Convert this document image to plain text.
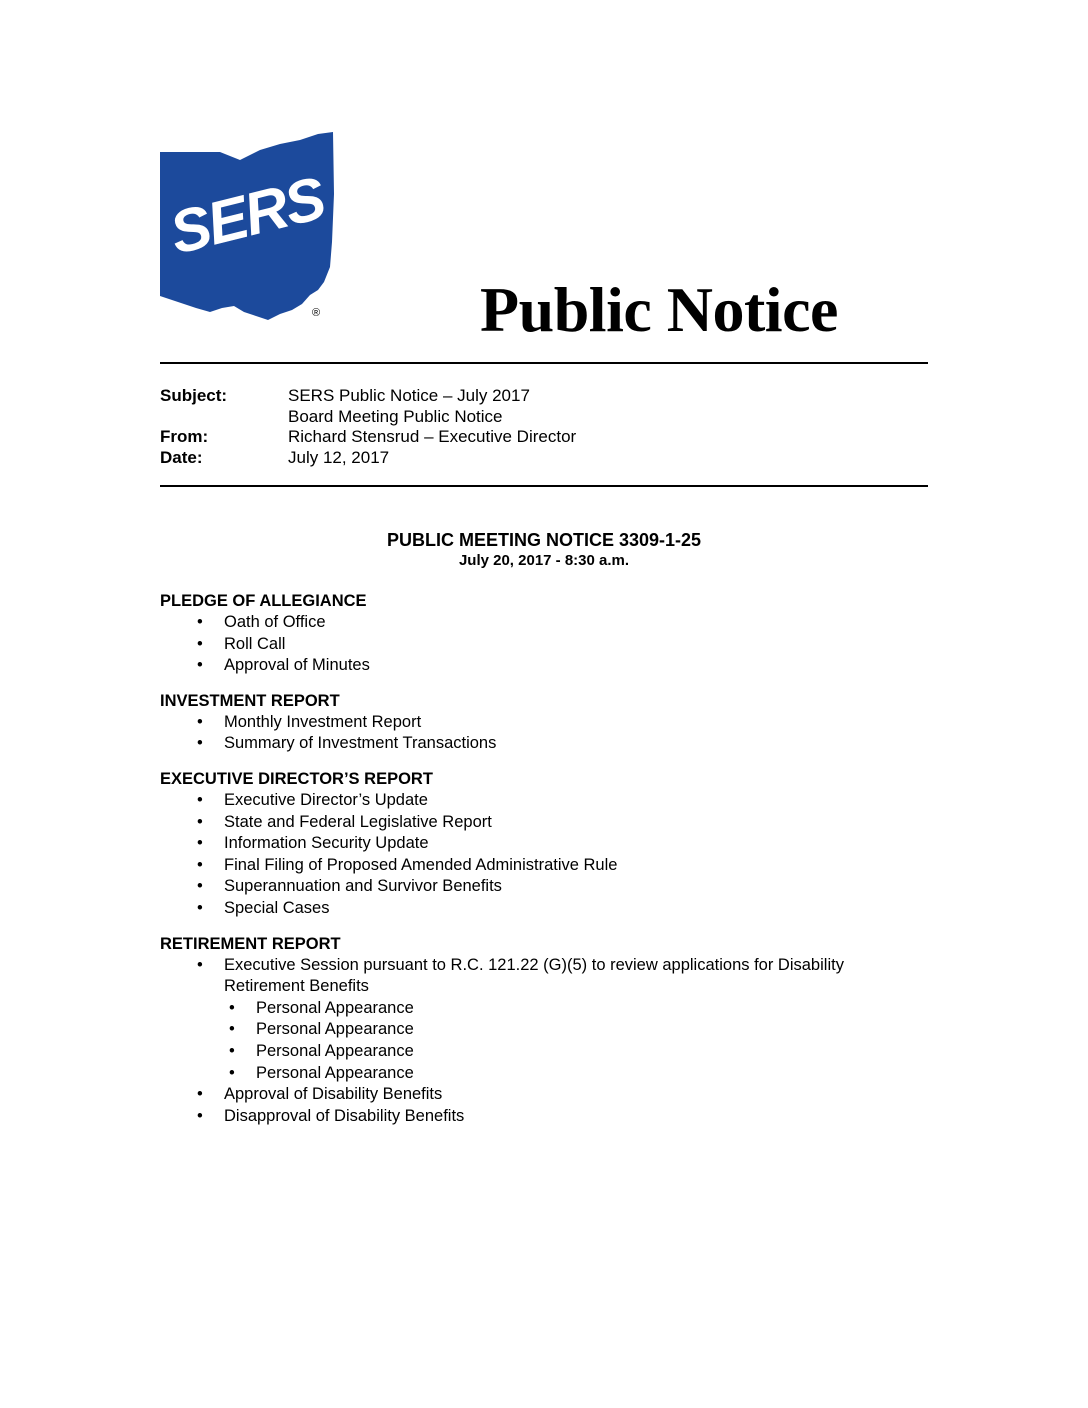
SERS
® Public Notice
Subject:	SERS Public Notice – July 2017
Board Meeting Public Notice
From:	Richard Stensrud – Executive Director
Date:	July 12, 2017
PUBLIC MEETING NOTICE 3309-1-25
July 20, 2017 - 8:30 a.m.
PLEDGE OF ALLEGIANCE
• Oath of Office
• Roll Call
• Approval of Minutes
INVESTMENT REPORT
• Monthly Investment Report
• Summary of Investment Transactions
EXECUTIVE DIRECTOR’S REPORT
• Executive Director’s Update
• State and Federal Legislative Report
• Information Security Update
• Final Filing of Proposed Amended Administrative Rule
• Superannuation and Survivor Benefits
• Special Cases
RETIREMENT REPORT
• Executive Session pursuant to R.C. 121.22 (G)(5) to review applications for Disability Retirement Benefits
• Personal Appearance
• Personal Appearance
• Personal Appearance
• Personal Appearance
• Approval of Disability Benefits
• Disapproval of Disability Benefits
